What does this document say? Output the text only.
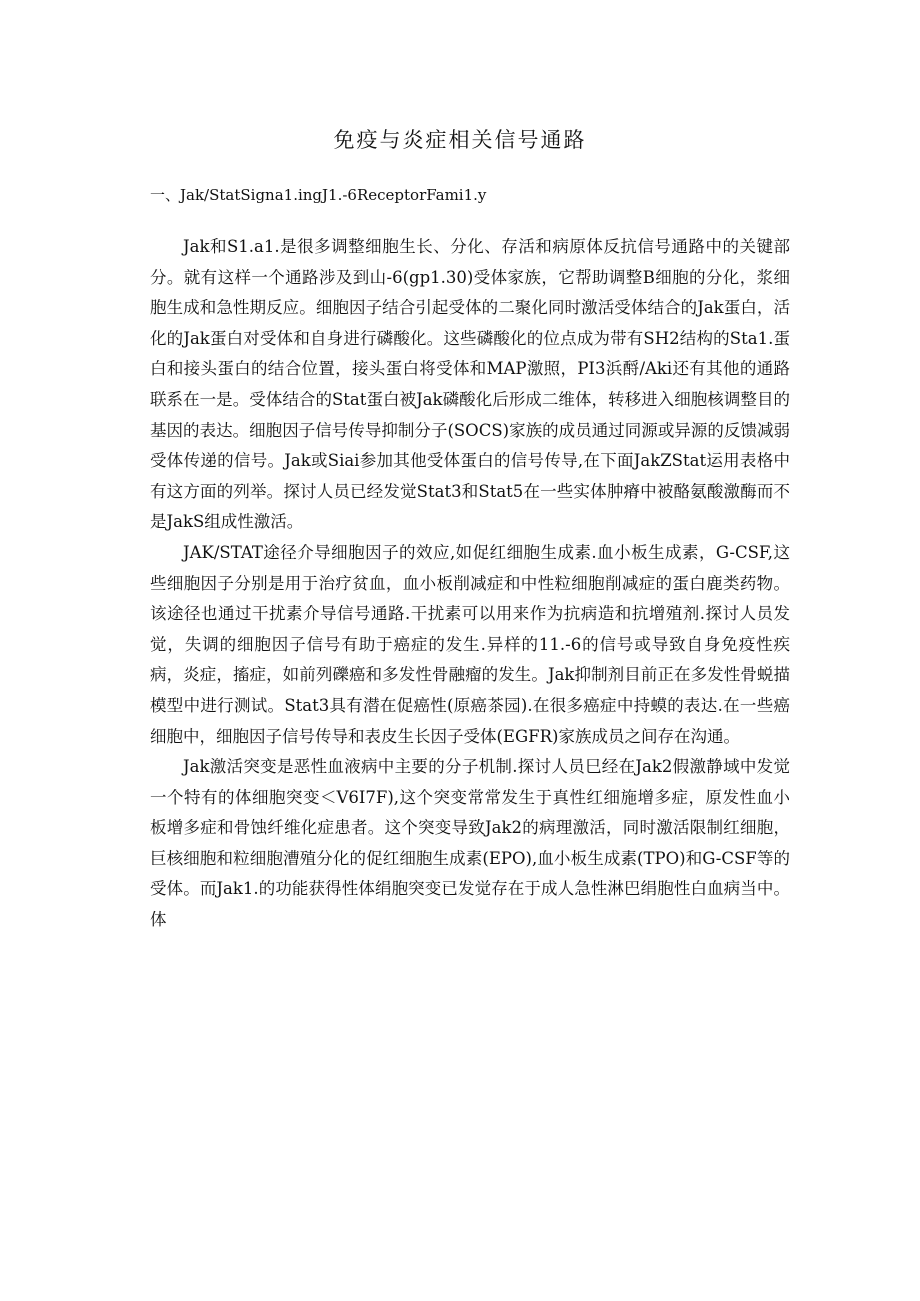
免疫与炎症相关信号通路
一、Jak/StatSigna1.ingJ1.-6ReceptorFami1.y

Jak和S1.a1.是很多调整细胞生长、分化、存活和病原体反抗信号通路中的关键部分。就有这样一个通路涉及到山-6(gp1.30)受体家族，它帮助调整B细胞的分化，浆细胞生成和急性期反应。细胞因子结合引起受体的二聚化同时激活受体结合的Jak蛋白，活化的Jak蛋白对受体和自身进行磷酸化。这些磷酸化的位点成为带有SH2结构的Sta1.蛋白和接头蛋白的结合位置，接头蛋白将受体和MAP激照，PI3浜酹/Aki还有其他的通路联系在一是。受体结合的Stat蛋白被Jak磷酸化后形成二维体，转移进入细胞核调整目的基因的表达。细胞因子信号传导抑制分子(SOCS)家族的成员通过同源或异源的反馈减弱受体传递的信号。Jak或Siai参加其他受体蛋白的信号传导,在下面JakZStat运用表格中有这方面的列举。探讨人员已经发觉Stat3和Stat5在一些实体肿瘠中被酪氨酸激酶而不是JakS组成性激活。

JAK/STAT途径介导细胞因子的效应,如促红细胞生成素.血小板生成素，G-CSF,这些细胞因子分别是用于治疗贫血，血小板削减症和中性粒细胞削减症的蛋白鹿类药物。该途径也通过干扰素介导信号通路.干扰素可以用来作为抗病造和抗增殖剂.探讨人员发觉，失调的细胞因子信号有助于癌症的发生.异样的11.-6的信号或导致自身免疫性疾病，炎症，搐症，如前列礫癌和多发性骨融瘤的发生。Jak抑制剂目前正在多发性骨蜕描模型中进行测试。Stat3具有潜在促癌性(原癌茶园).在很多癌症中持蟆的表达.在一些癌细胞中，细胞因子信号传导和表皮生长因子受体(EGFR)家族成员之间存在沟通。

Jak激活突变是恶性血液病中主要的分子机制.探讨人员巳经在Jak2假激静域中发觉一个特有的体细胞突变＜V6I7F),这个突变常常发生于真性红细施增多症，原发性血小板增多症和骨蚀纤维化症患者。这个突变导致Jak2的病理激活，同时激活限制红细胞，巨核细胞和粒细胞漕殖分化的促红细胞生成素(EPO),血小板生成素(TPO)和G-CSF等的受体。而Jak1.的功能获得性体绢胞突变已发觉存在于成人急性淋巴绢胞性白血病当中。体
